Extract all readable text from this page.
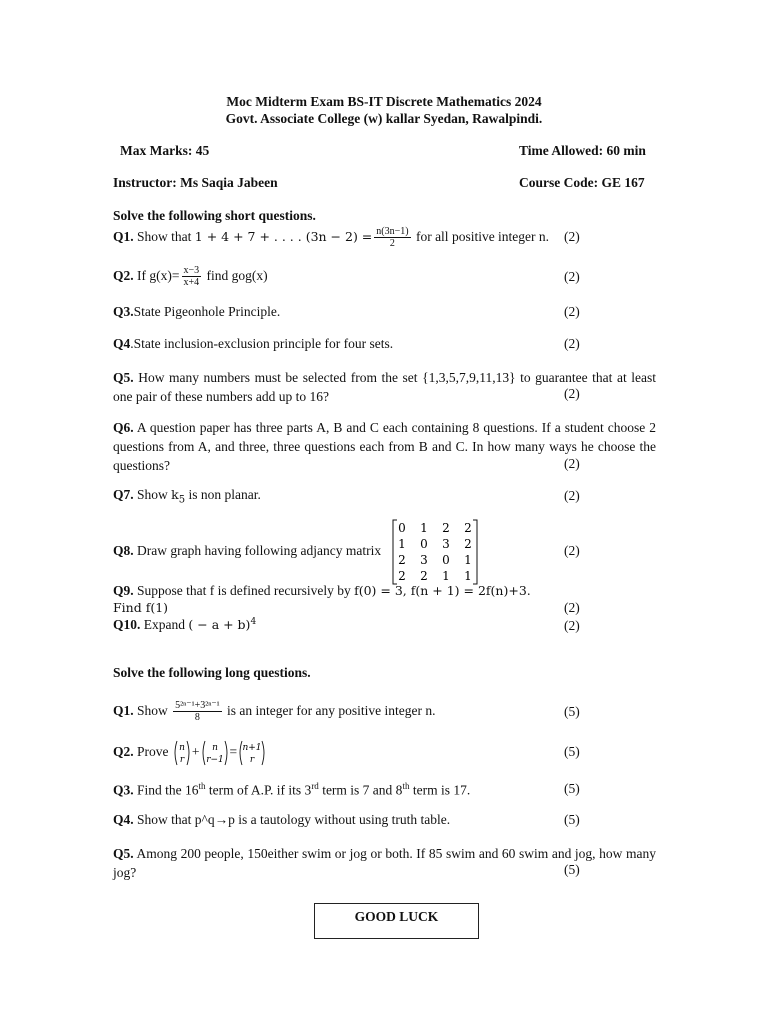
Moc Midterm Exam BS-IT Discrete Mathematics 2024
Govt. Associate College (w) kallar Syedan, Rawalpindi.
Max Marks: 45	Time Allowed: 60 min
Instructor: Ms Saqia Jabeen	Course Code: GE 167
Solve the following short questions.
Q1. Show that 1 + 4 + 7 + . . . . $(3n - 2) = \frac{n(3n-1)}{2}$ for all positive integer n. (2)
Q2. If $g(x)= \frac{x-3}{x+4}$ find gog(x)	(2)
Q3.State Pigeonhole Principle.	(2)
Q4.State inclusion-exclusion principle for four sets.	(2)
Q5. How many numbers must be selected from the set {1,3,5,7,9,11,13} to guarantee that at least one pair of these numbers add up to 16?	(2)
Q6. A question paper has three parts A, B and C each containing 8 questions. If a student choose 2 questions from A, and three, three questions each from B and C. In how many ways he choose the questions?	(2)
Q7. Show $k_5$ is non planar.	(2)
Q8. Draw graph having following adjancy matrix
0 1 2 2
1 0 3 2
2 3 0 1
2 2 1 1
(2)
Q9. Suppose that f is defined recursively by f(0) = 3, f(n + 1) = 2f(n)+3.
Find f(1)	(2)
Q10. Expand ( − a + b)$^4$	(2)
Solve the following long questions.
Q1. Show $\frac{\text{5²ⁿ⁻¹+3²ⁿ⁻¹}}{8}$ is an integer for any positive integer n.	(5)
Q2. Prove n
r
+ n
r−1
= n+1
r
(5)
Q3. Find the 16th term of A.P. if its 3rd term is 7 and 8th term is 17.	(5)
Q4. Show that p^q→p is a tautology without using truth table.	(5)
Q5. Among 200 people, 150either swim or jog or both. If 85 swim and 60 swim and jog, how many jog?	(5)
GOOD LUCK
